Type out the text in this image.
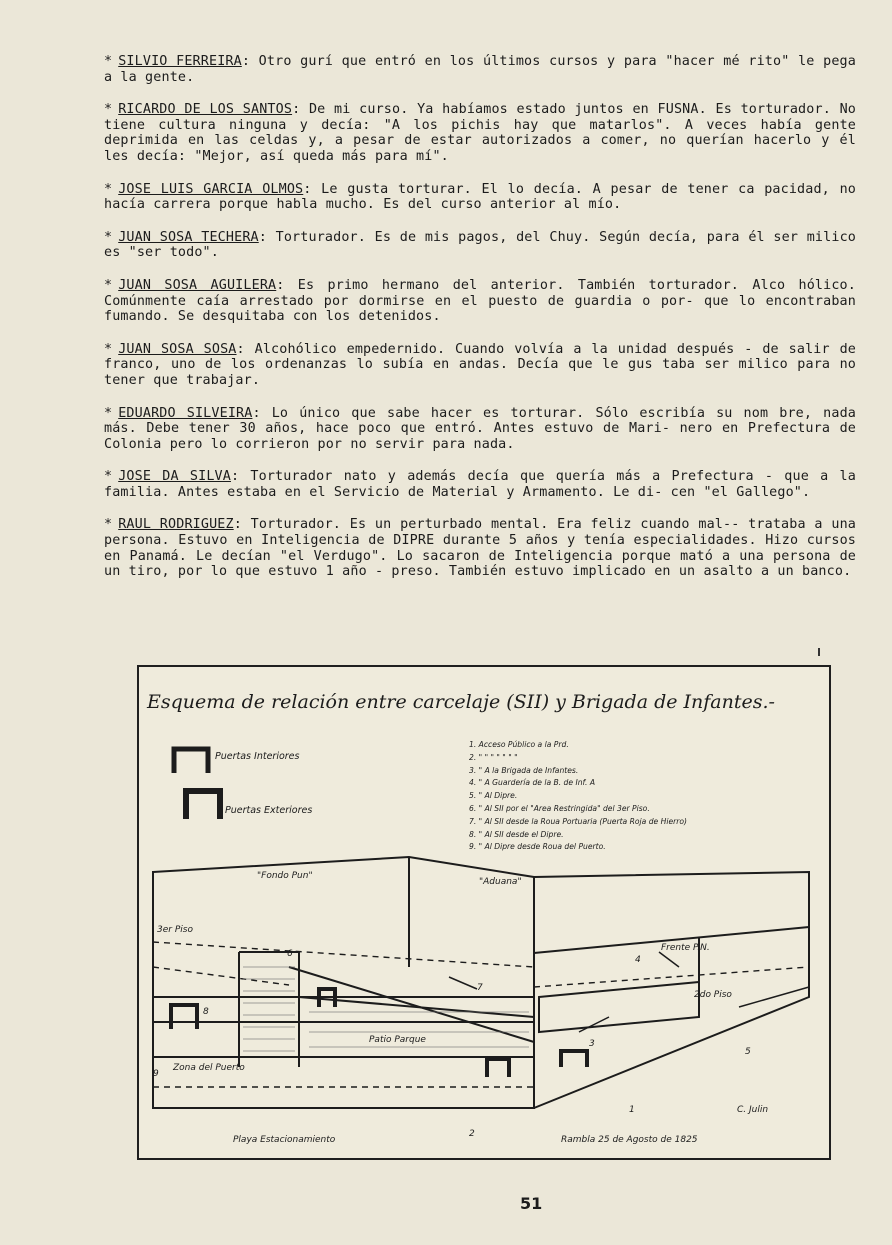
* SILVIO FERREIRA: Otro gurí que entró en los últimos cursos y para "hacer mé rito" le pega a la gente.

* RICARDO DE LOS SANTOS: De mi curso. Ya habíamos estado juntos en FUSNA. Es torturador. No tiene cultura ninguna y decía: "A los pichis hay que matarlos". A veces había gente deprimida en las celdas y, a pesar de estar autorizados a comer, no querían hacerlo y él les decía: "Mejor, así queda más para mí".

* JOSE LUIS GARCIA OLMOS: Le gusta torturar. El lo decía. A pesar de tener ca pacidad, no hacía carrera porque habla mucho. Es del curso anterior al mío.

* JUAN SOSA TECHERA: Torturador. Es de mis pagos, del Chuy. Según decía, para él ser milico es "ser todo".

* JUAN SOSA AGUILERA: Es primo hermano del anterior. También torturador. Alco hólico. Comúnmente caía arrestado por dormirse en el puesto de guardia o por- que lo encontraban fumando. Se desquitaba con los detenidos.

* JUAN SOSA SOSA: Alcohólico empedernido. Cuando volvía a la unidad después - de salir de franco, uno de los ordenanzas lo subía en andas. Decía que le gus taba ser milico para no tener que trabajar.

* EDUARDO SILVEIRA: Lo único que sabe hacer es torturar. Sólo escribía su nom bre, nada más. Debe tener 30 años, hace poco que entró. Antes estuvo de Mari- nero en Prefectura de Colonia pero lo corrieron por no servir para nada.

* JOSE DA SILVA: Torturador nato y además decía que quería más a Prefectura - que a la familia. Antes estaba en el Servicio de Material y Armamento. Le di- cen "el Gallego".

* RAUL RODRIGUEZ: Torturador. Es un perturbado mental. Era feliz cuando mal-- trataba a una persona. Estuvo en Inteligencia de DIPRE durante 5 años y tenía especialidades. Hizo cursos en Panamá. Le decían "el Verdugo". Lo sacaron de Inteligencia porque mató a una persona de un tiro, por lo que estuvo 1 año - preso. También estuvo implicado en un asalto a un banco.

Esquema de relación entre carcelaje (SII) y Brigada de Infantes.-
Puertas Interiores
Puertas Exteriores
1. Acceso Público a la Prd.
2. " " " " " " "
3. " A la Brigada de Infantes.
4. " A Guardería de la B. de Inf. A
5. " Al Dipre.
6. " Al SII por el "Area Restringida" del 3er Piso.
7. " Al SII desde la Roua Portuaria (Puerta Roja de Hierro)
8. " Al SII desde el Dipre.
9. " Al Dipre desde Roua del Puerto.
"Fondo Pun"
"Aduana"
Frente P.N.
3er Piso
2do Piso
Patio Parque
Zona del Puerto
Playa Estacionamiento	Rambla 25 de Agosto de 1825
C. Julin
1
2
3
4
5
6
7
8
9
51
